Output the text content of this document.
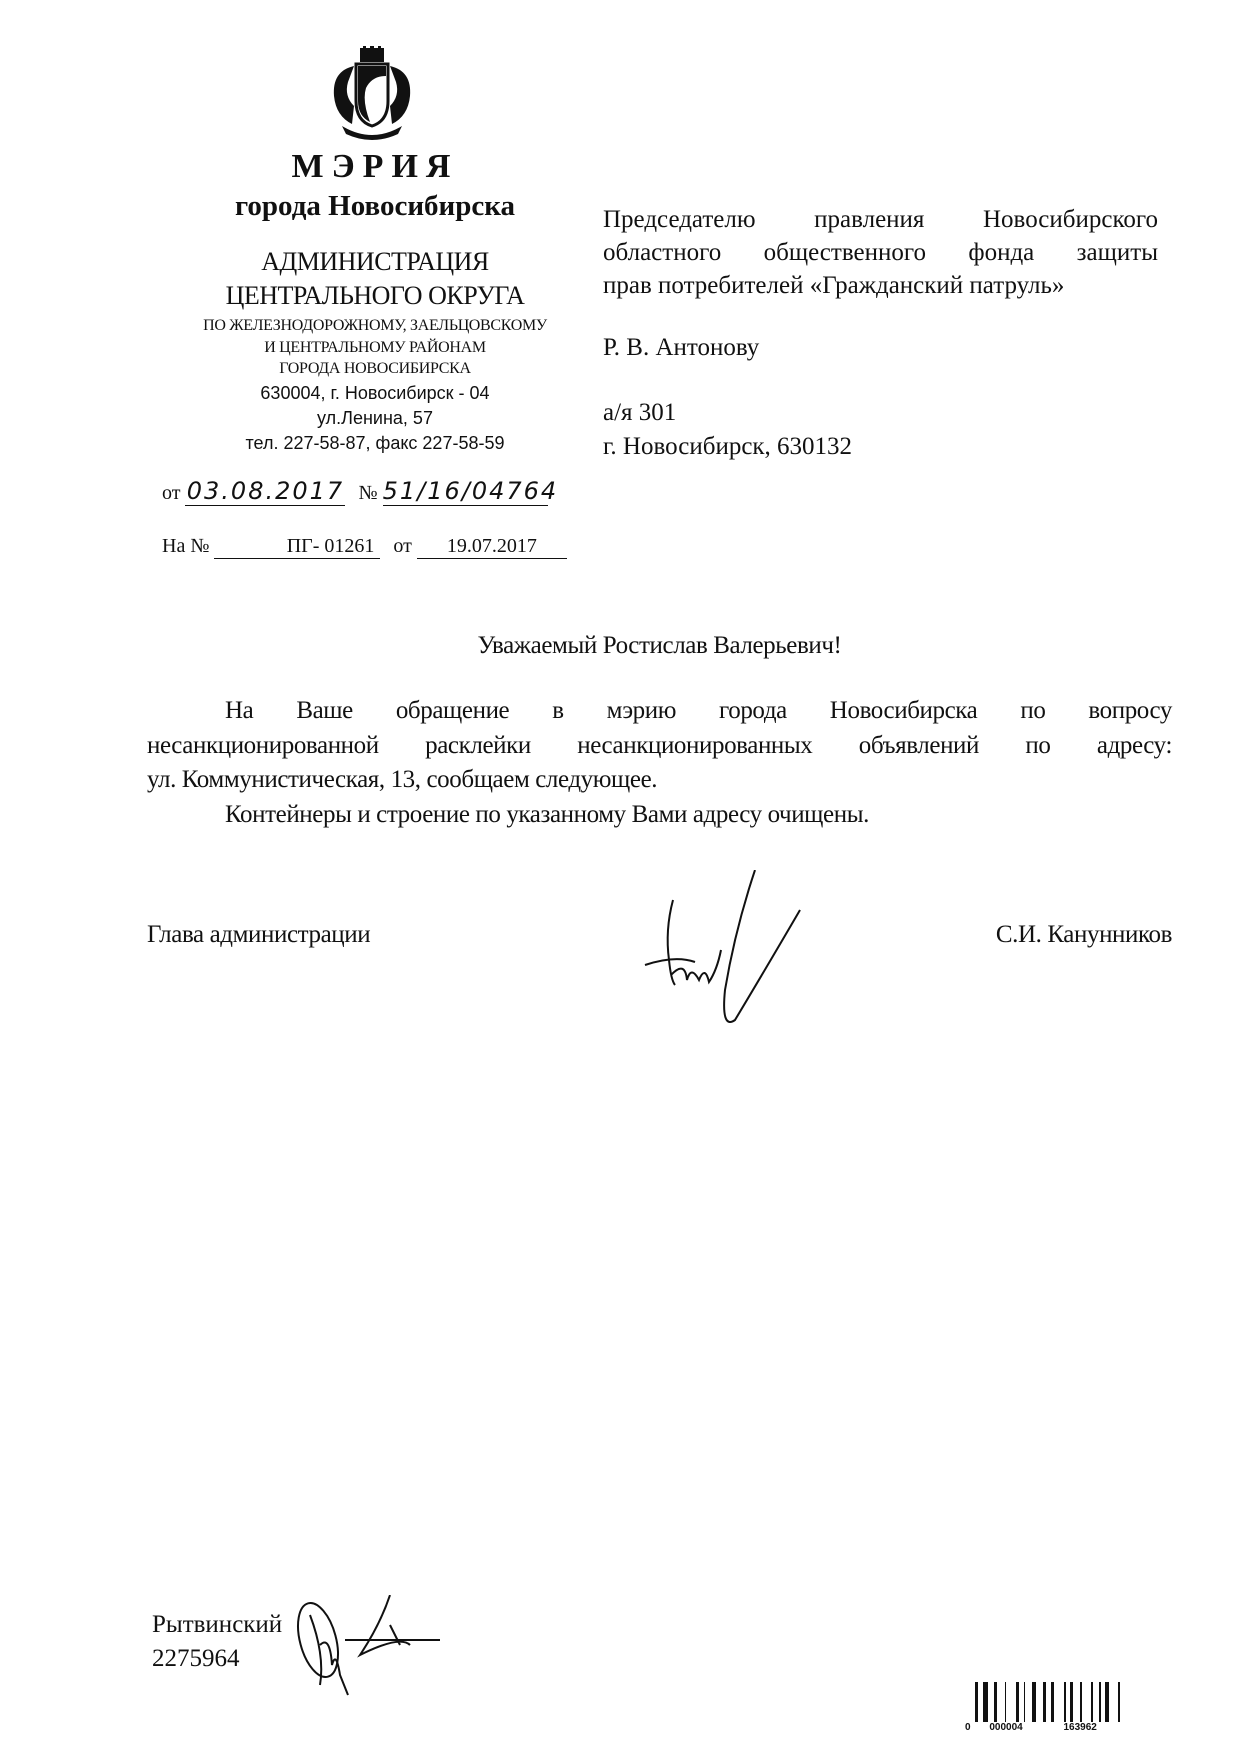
МЭРИЯ
города Новосибирска
АДМИНИСТРАЦИЯ
ЦЕНТРАЛЬНОГО ОКРУГА
ПО ЖЕЛЕЗНОДОРОЖНОМУ, ЗАЕЛЬЦОВСКОМУ
И ЦЕНТРАЛЬНОМУ РАЙОНАМ
ГОРОДА НОВОСИБИРСКА
630004, г. Новосибирск - 04
ул.Ленина, 57
тел. 227-58-87, факс 227-58-59
от 03.08.2017 № 51/16/04764
На №	ПГ- 01261 от 19.07.2017
Председателю правления Новосибирского
областного общественного фонда защиты
прав потребителей «Гражданский патруль»
Р. В. Антонову
а/я 301
г. Новосибирск, 630132
Уважаемый Ростислав Валерьевич!
На Ваше обращение в мэрию города Новосибирска по вопросу
несанкционированной расклейки несанкционированных объявлений по адресу:
ул. Коммунистическая, 13, сообщаем следующее.
Контейнеры и строение по указанному Вами адресу очищены.
Глава администрации	С.И. Канунников
Рытвинский
2275964
0 000004	163962
